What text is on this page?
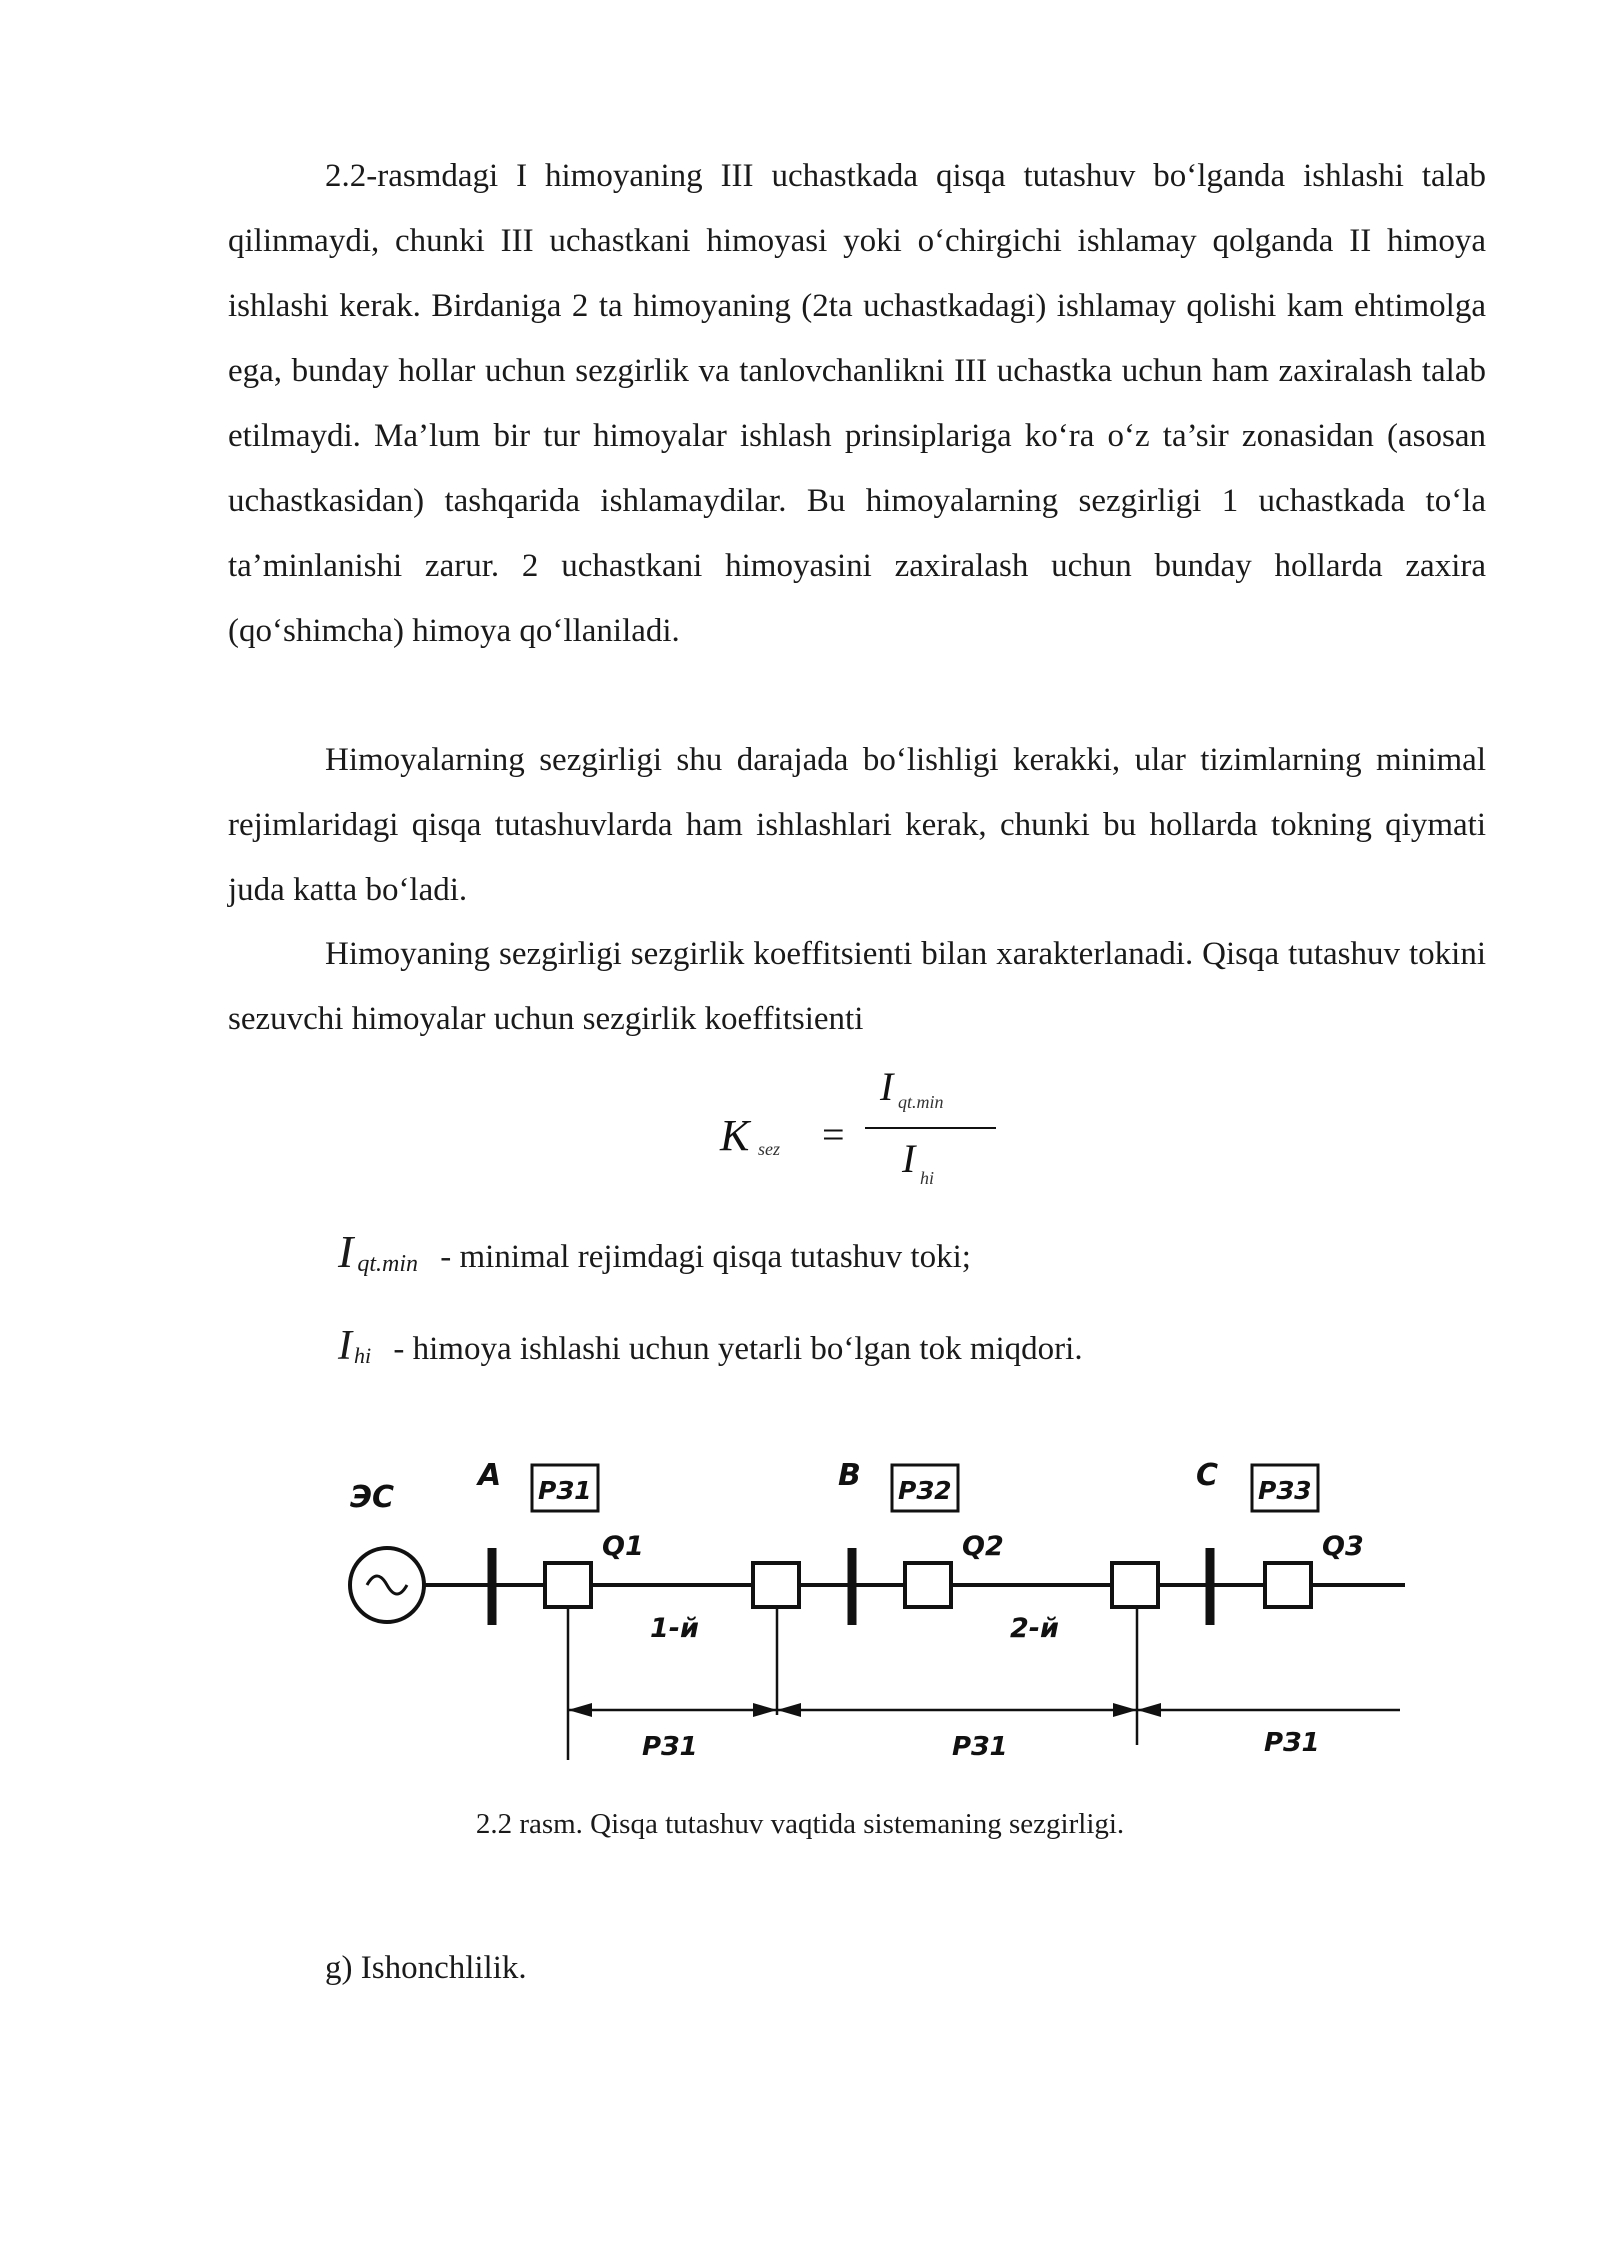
2.2-rasmdagi I himoyaning III uchastkada qisqa tutashuv bo‘lganda ishlashi talab qilinmaydi, chunki III uchastkani himoyasi yoki o‘chirgichi ishlamay qolganda II himoya ishlashi kerak. Birdaniga 2 ta himoyaning (2ta uchastkadagi) ishlamay qolishi kam ehtimolga ega, bunday hollar uchun sezgirlik va tanlovchanlikni III uchastka uchun ham zaxiralash talab etilmaydi. Ma’lum bir tur himoyalar ishlash prinsiplariga ko‘ra o‘z ta’sir zonasidan (asosan uchastkasidan) tashqarida ishlamaydilar. Bu himoyalarning sezgirligi 1 uchastkada to‘la ta’minlanishi zarur. 2 uchastkani himoyasini zaxiralash uchun bunday hollarda zaxira (qo‘shimcha) himoya qo‘llaniladi.

Himoyalarning sezgirligi shu darajada bo‘lishligi kerakki, ular tizimlarning minimal rejimlaridagi qisqa tutashuvlarda ham ishlashlari kerak, chunki bu hollarda tokning qiymati juda katta bo‘ladi.

Himoyaning sezgirligi sezgirlik koeffitsienti bilan xarakterlanadi. Qisqa tutashuv tokini sezuvchi himoyalar uchun sezgirlik koeffitsienti

K sez =
I qt.min
I hi
Iqt.min - minimal rejimdagi qisqa tutashuv toki;
Ihi - himoya ishlashi uchun yetarli bo‘lgan tok miqdori.
ЭС
A	B	C
РЗ1	РЗ2	РЗ3
Q1	Q2	Q3
1-й	2-й
РЗ1	РЗ1	РЗ1
2.2 rasm. Qisqa tutashuv vaqtida sistemaning sezgirligi.
g) Ishonchlilik.
